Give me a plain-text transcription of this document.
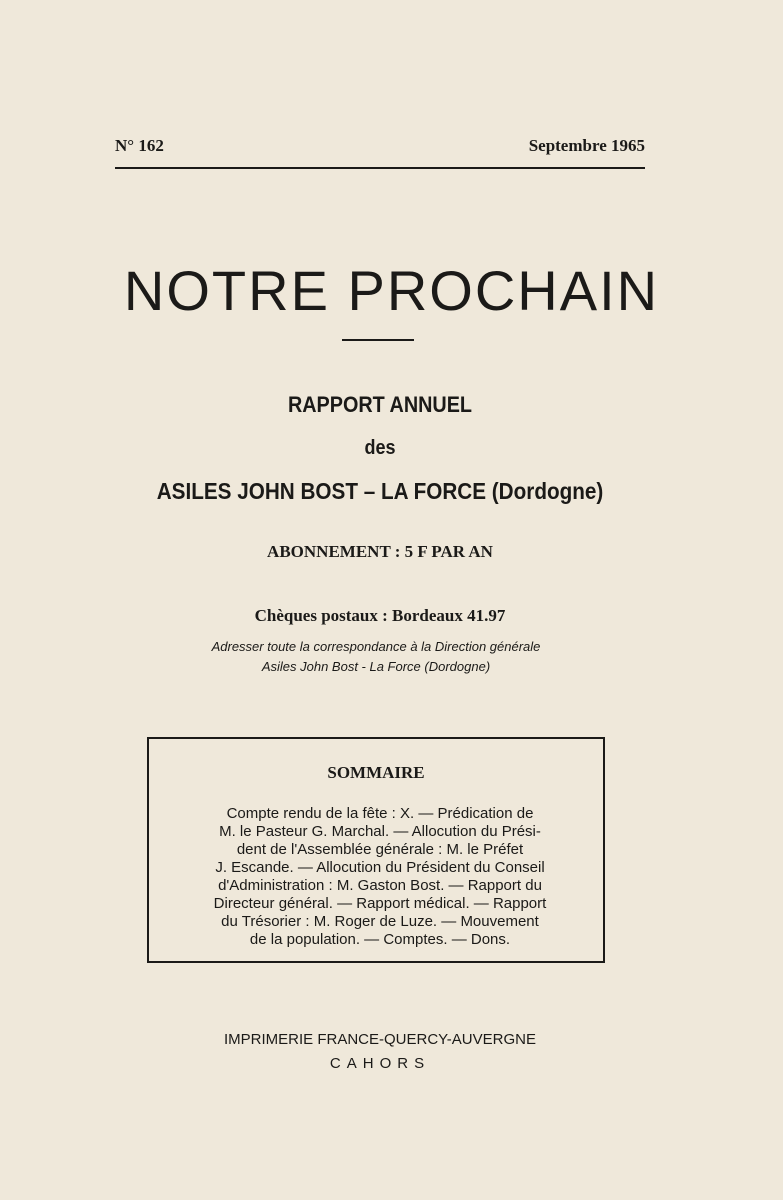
N° 162	Septembre 1965
NOTRE PROCHAIN
RAPPORT ANNUEL
des
ASILES JOHN BOST – LA FORCE (Dordogne)
ABONNEMENT : 5 F PAR AN
Chèques postaux : Bordeaux 41.97
Adresser toute la correspondance à la Direction générale
Asiles John Bost - La Force (Dordogne)
SOMMAIRE
Compte rendu de la fête : X. — Prédication de
M. le Pasteur G. Marchal. — Allocution du Prési-
dent de l'Assemblée générale : M. le Préfet
J. Escande. — Allocution du Président du Conseil
d'Administration : M. Gaston Bost. — Rapport du
Directeur général. — Rapport médical. — Rapport
du Trésorier : M. Roger de Luze. — Mouvement
de la population. — Comptes. — Dons.
IMPRIMERIE FRANCE-QUERCY-AUVERGNE
CAHORS
